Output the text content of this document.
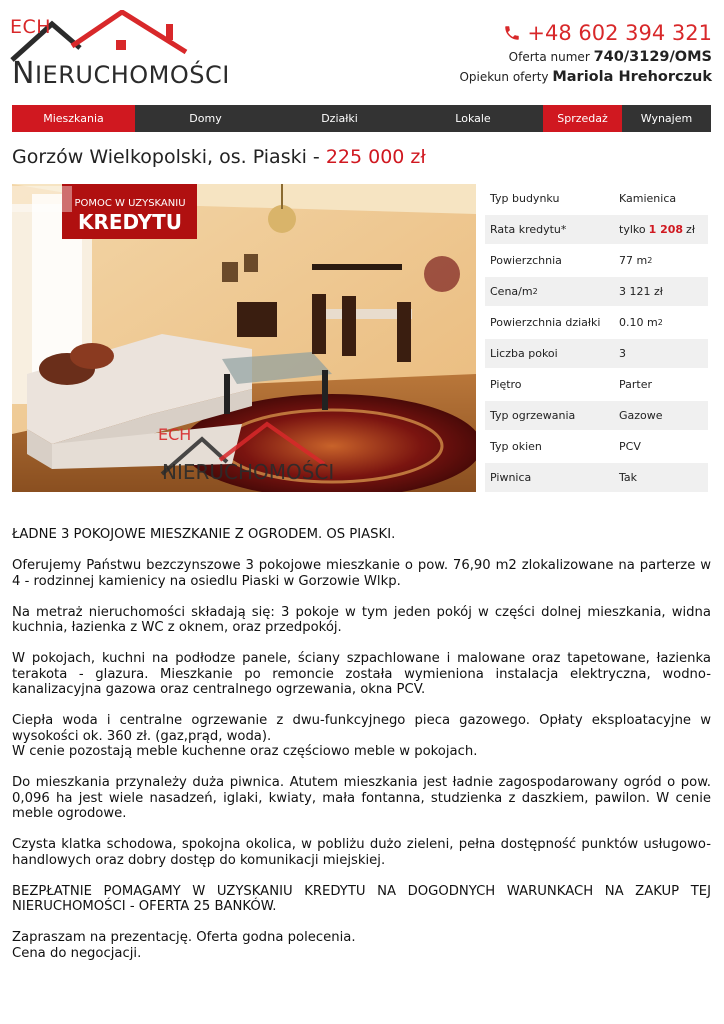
ECH
NIERUCHOMOŚCI
+48 602 394 321
Oferta numer 740/3129/OMS
Opiekun oferty Mariola Hrehorczuk
Mieszkania	Domy	Działki	Lokale	Sprzedaż	Wynajem
Gorzów Wielkopolski, os. Piaski - 225 000 zł
POMOC W UZYSKANIU
KREDYTU
ECH
NIERUCHOMOŚCI
Typ budynku	Kamienica
Rata kredytu*	tylko 1 208 zł
Powierzchnia	77 m 2
Cena/m 2	3 121 zł
Powierzchnia działki	0.10 m 2
Liczba pokoi	3
Piętro	Parter
Typ ogrzewania	Gazowe
Typ okien	PCV
Piwnica	Tak

ŁADNE 3 POKOJOWE MIESZKANIE Z OGRODEM. OS PIASKI.

Oferujemy Państwu bezczynszowe 3 pokojowe mieszkanie o pow. 76,90 m2 zlokalizowane na parterze w 4 - rodzinnej kamienicy na osiedlu Piaski w Gorzowie Wlkp.

Na metraż nieruchomości składają się: 3 pokoje w tym jeden pokój w części dolnej mieszkania, widna kuchnia, łazienka z WC z oknem, oraz przedpokój.

W pokojach, kuchni na podłodze panele, ściany szpachlowane i malowane oraz tapetowane, łazienka terakota - glazura. Mieszkanie po remoncie została wymieniona instalacja elektryczna, wodno-kanalizacyjna gazowa oraz centralnego ogrzewania, okna PCV.

Ciepła woda i centralne ogrzewanie z dwu-funkcyjnego pieca gazowego. Opłaty eksploatacyjne w wysokości ok. 360 zł. (gaz,prąd, woda).
W cenie pozostają meble kuchenne oraz częściowo meble w pokojach.

Do mieszkania przynależy duża piwnica. Atutem mieszkania jest ładnie zagospodarowany ogród o pow. 0,096 ha jest wiele nasadzeń, iglaki, kwiaty, mała fontanna, studzienka z daszkiem, pawilon. W cenie meble ogrodowe.

Czysta klatka schodowa, spokojna okolica, w pobliżu dużo zieleni, pełna dostępność punktów usługowo-handlowych oraz dobry dostęp do komunikacji miejskiej.

BEZPŁATNIE POMAGAMY W UZYSKANIU KREDYTU NA DOGODNYCH WARUNKACH NA ZAKUP TEJ NIERUCHOMOŚCI - OFERTA 25 BANKÓW.

Zapraszam na prezentację. Oferta godna polecenia.
Cena do negocjacji.
